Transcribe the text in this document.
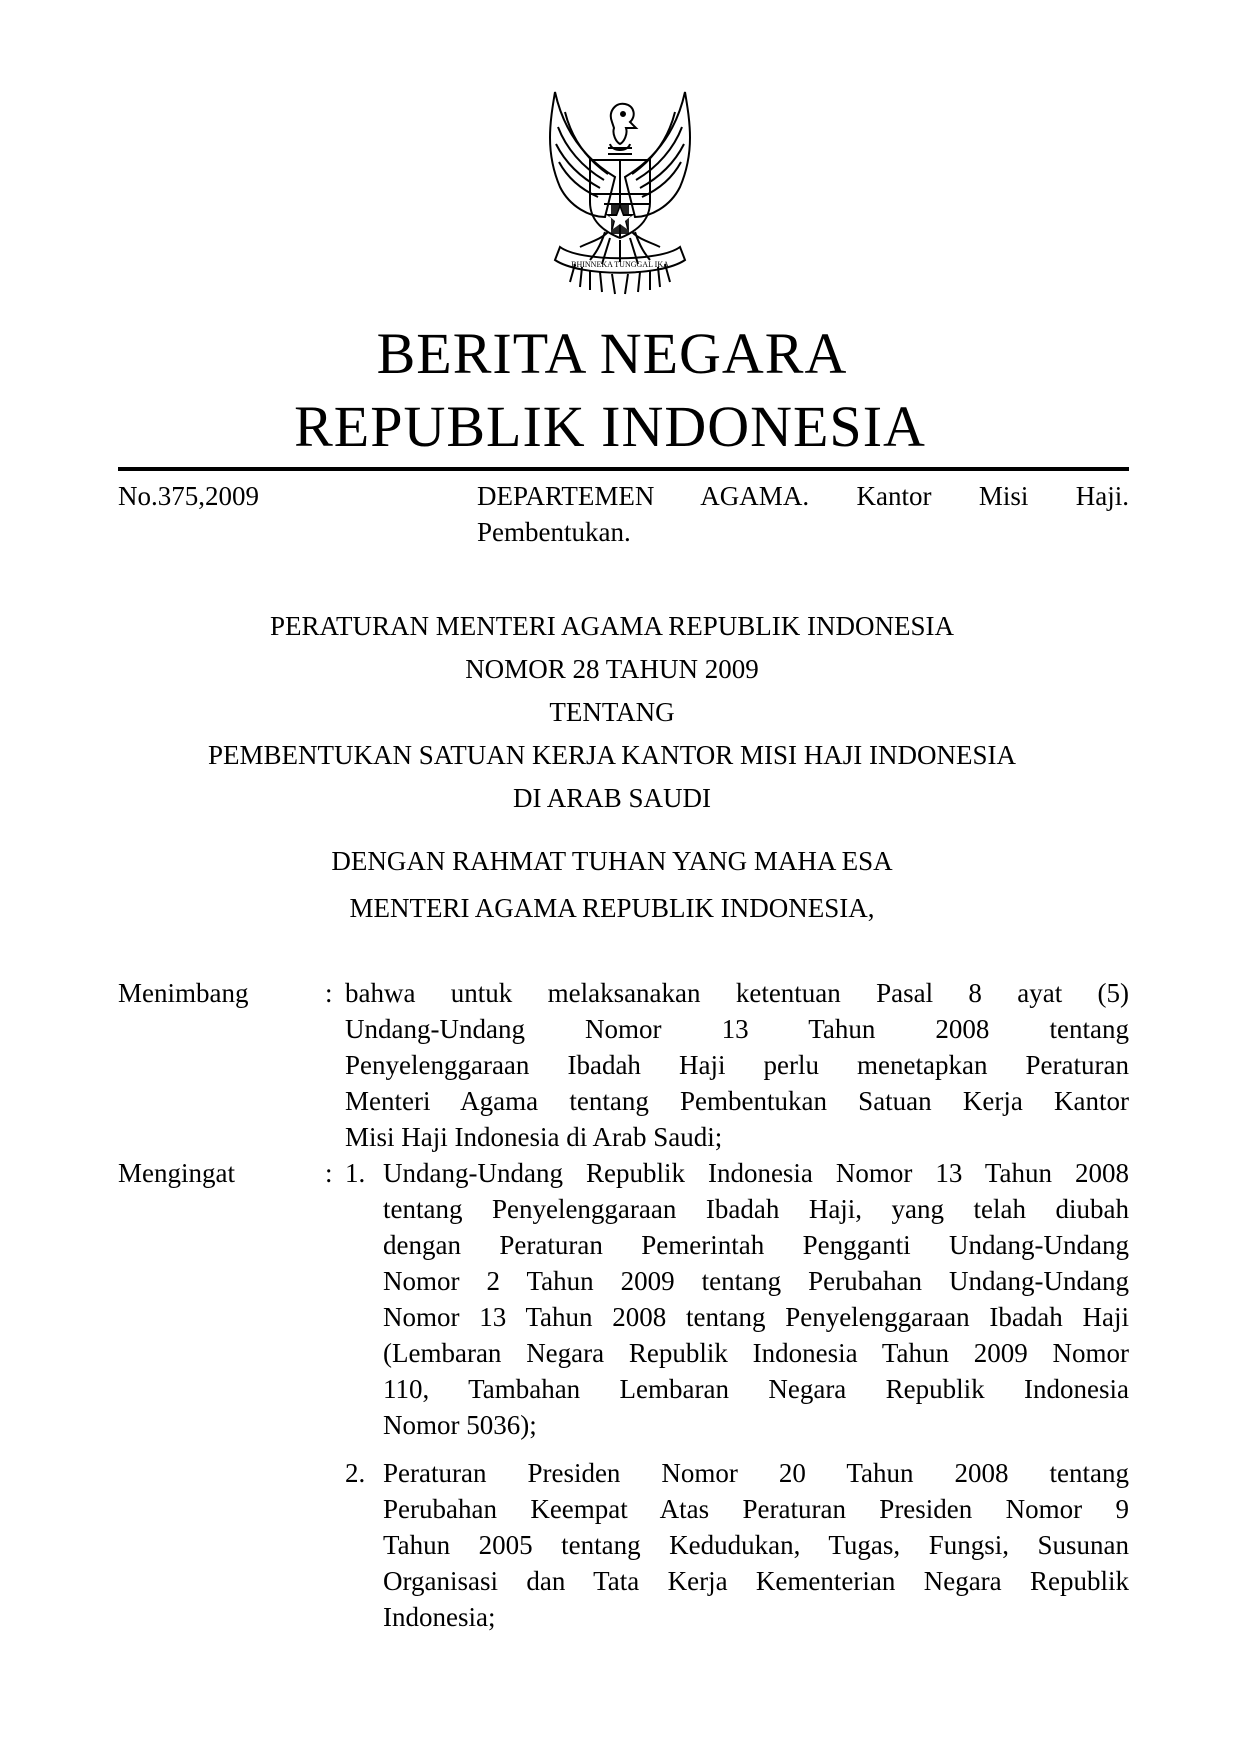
BHINNEKA TUNGGAL IKA
BERITA NEGARA
REPUBLIK INDONESIA
No.375,2009	DEPARTEMEN AGAMA. Kantor Misi Haji.
Pembentukan.
PERATURAN MENTERI AGAMA REPUBLIK INDONESIA
NOMOR 28 TAHUN 2009
TENTANG
PEMBENTUKAN SATUAN KERJA KANTOR MISI HAJI INDONESIA
DI ARAB SAUDI
DENGAN RAHMAT TUHAN YANG MAHA ESA
MENTERI AGAMA REPUBLIK INDONESIA,
Menimbang	: bahwa untuk melaksanakan ketentuan Pasal 8 ayat (5)
Undang-Undang Nomor 13 Tahun 2008 tentang
Penyelenggaraan Ibadah Haji perlu menetapkan Peraturan
Menteri Agama tentang Pembentukan Satuan Kerja Kantor
Misi Haji Indonesia di Arab Saudi;
Mengingat	: 1. Undang-Undang Republik Indonesia Nomor 13 Tahun 2008
tentang Penyelenggaraan Ibadah Haji, yang telah diubah
dengan Peraturan Pemerintah Pengganti Undang-Undang
Nomor 2 Tahun 2009 tentang Perubahan Undang-Undang
Nomor 13 Tahun 2008 tentang Penyelenggaraan Ibadah Haji
(Lembaran Negara Republik Indonesia Tahun 2009 Nomor
110, Tambahan Lembaran Negara Republik Indonesia
Nomor 5036);
2. Peraturan Presiden Nomor 20 Tahun 2008 tentang
Perubahan Keempat Atas Peraturan Presiden Nomor 9
Tahun 2005 tentang Kedudukan, Tugas, Fungsi, Susunan
Organisasi dan Tata Kerja Kementerian Negara Republik
Indonesia;
